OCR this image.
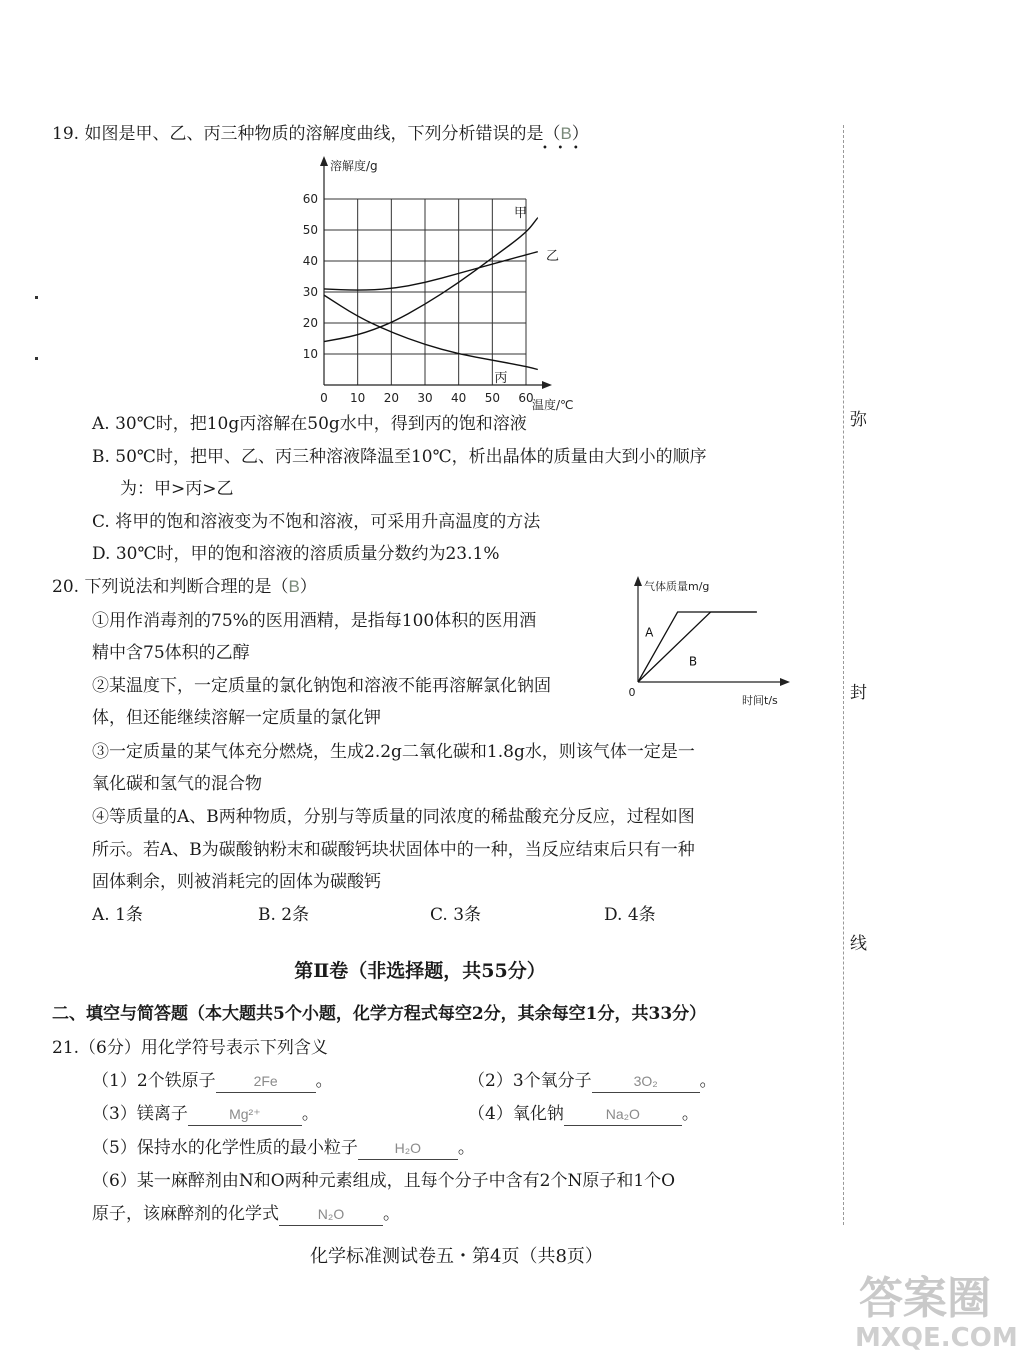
19. 如图是甲、乙、丙三种物质的溶解度曲线，下列分析错误的是（B）
•   •   •
10
20
30
40
50
60
0 10 20 30 40 50 60
溶解度/g
温度/℃
甲
乙
丙
A. 30℃时，把10g丙溶解在50g水中，得到丙的饱和溶液
B. 50℃时，把甲、乙、丙三种溶液降温至10℃，析出晶体的质量由大到小的顺序
为：甲>丙>乙
C. 将甲的饱和溶液变为不饱和溶液，可采用升高温度的方法
D. 30℃时，甲的饱和溶液的溶质质量分数约为23.1%
20. 下列说法和判断合理的是（B）	气体质量m/g
时间t/s
0
A
B
①用作消毒剂的75%的医用酒精，是指每100体积的医用酒
精中含75体积的乙醇
②某温度下，一定质量的氯化钠饱和溶液不能再溶解氯化钠固
体，但还能继续溶解一定质量的氯化钾
③一定质量的某气体充分燃烧，生成2.2g二氧化碳和1.8g水，则该气体一定是一
氧化碳和氢气的混合物
④等质量的A、B两种物质，分别与等质量的同浓度的稀盐酸充分反应，过程如图
所示。若A、B为碳酸钠粉末和碳酸钙块状固体中的一种，当反应结束后只有一种
固体剩余，则被消耗完的固体为碳酸钙
A. 1条	B. 2条	C. 3条	D. 4条
第Ⅱ卷（非选择题，共55分）
二、填空与简答题（本大题共5个小题，化学方程式每空2分，其余每空1分，共33分）
21.（6分）用化学符号表示下列含义
（1）2个铁原子	2Fe 。	（2）3个氧分子	3O₂ 。
（3）镁离子	Mg²⁺ 。	（4）氧化钠	Na₂O 。
（5）保持水的化学性质的最小粒子	H₂O 。
（6）某一麻醉剂由N和O两种元素组成，且每个分子中含有2个N原子和1个O
原子，该麻醉剂的化学式	N₂O 。
弥
封
线
化学标准测试卷五・第4页（共8页）
答案圈
MXQE.COM
